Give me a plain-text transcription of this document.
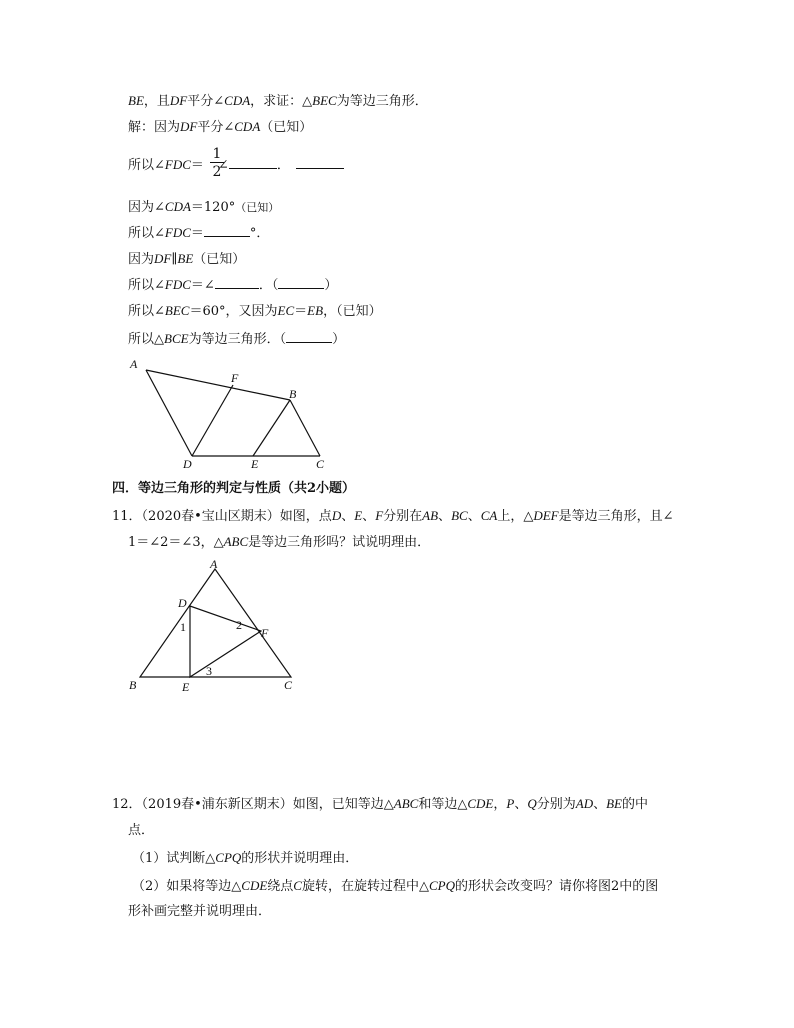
BE，且DF平分∠CDA，求证：△BEC为等边三角形．
解：因为DF平分∠CDA（已知）
所以∠FDC＝ ∠	．
$\frac{1}{2}$
因为∠CDA＝120°（已知）
所以∠FDC＝	°．
因为DF∥BE（已知）
所以∠FDC＝∠	．（	）
所以∠BEC＝60°，又因为EC＝EB，（已知）
所以△BCE为等边三角形．（	）
A
F
B
D	E	C
四．等边三角形的判定与性质（共2小题）
11．（2020春•宝山区期末）如图，点D、E、F分别在AB、BC、CA上，△DEF是等边三角形，且∠
1＝∠2＝∠3，△ABC是等边三角形吗？试说明理由．
A
D
F
B	E	C
1	2
3
12．（2019春•浦东新区期末）如图，已知等边△ABC和等边△CDE，P、Q分别为AD、BE的中
点．
（1）试判断△CPQ的形状并说明理由．
（2）如果将等边△CDE绕点C旋转，在旋转过程中△CPQ的形状会改变吗？请你将图2中的图
形补画完整并说明理由．
